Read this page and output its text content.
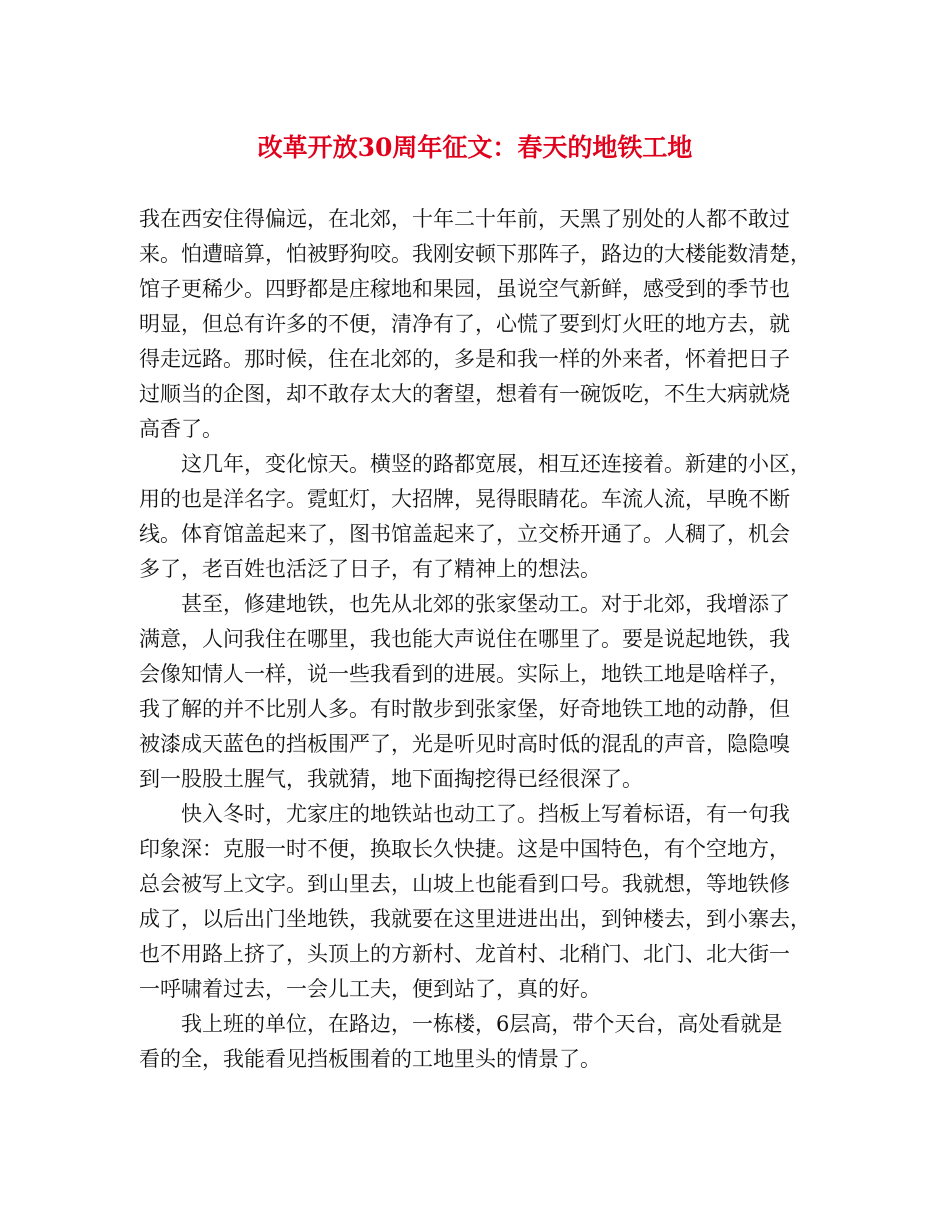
改革开放30周年征文：春天的地铁工地
我在西安住得偏远，在北郊，十年二十年前，天黑了别处的人都不敢过
来。怕遭暗算，怕被野狗咬。我刚安顿下那阵子，路边的大楼能数清楚，
馆子更稀少。四野都是庄稼地和果园，虽说空气新鲜，感受到的季节也
明显，但总有许多的不便，清净有了，心慌了要到灯火旺的地方去，就
得走远路。那时候，住在北郊的，多是和我一样的外来者，怀着把日子
过顺当的企图，却不敢存太大的奢望，想着有一碗饭吃，不生大病就烧
高香了。
这几年，变化惊天。横竖的路都宽展，相互还连接着。新建的小区，
用的也是洋名字。霓虹灯，大招牌，晃得眼睛花。车流人流，早晚不断
线。体育馆盖起来了，图书馆盖起来了，立交桥开通了。人稠了，机会
多了，老百姓也活泛了日子，有了精神上的想法。
甚至，修建地铁，也先从北郊的张家堡动工。对于北郊，我增添了
满意，人问我住在哪里，我也能大声说住在哪里了。要是说起地铁，我
会像知情人一样，说一些我看到的进展。实际上，地铁工地是啥样子，
我了解的并不比别人多。有时散步到张家堡，好奇地铁工地的动静，但
被漆成天蓝色的挡板围严了，光是听见时高时低的混乱的声音，隐隐嗅
到一股股土腥气，我就猜，地下面掏挖得已经很深了。
快入冬时，尤家庄的地铁站也动工了。挡板上写着标语，有一句我
印象深：克服一时不便，换取长久快捷。这是中国特色，有个空地方，
总会被写上文字。到山里去，山坡上也能看到口号。我就想，等地铁修
成了，以后出门坐地铁，我就要在这里进进出出，到钟楼去，到小寨去，
也不用路上挤了，头顶上的方新村、龙首村、北稍门、北门、北大街一
一呼啸着过去，一会儿工夫，便到站了，真的好。
我上班的单位，在路边，一栋楼，6层高，带个天台，高处看就是
看的全，我能看见挡板围着的工地里头的情景了。
